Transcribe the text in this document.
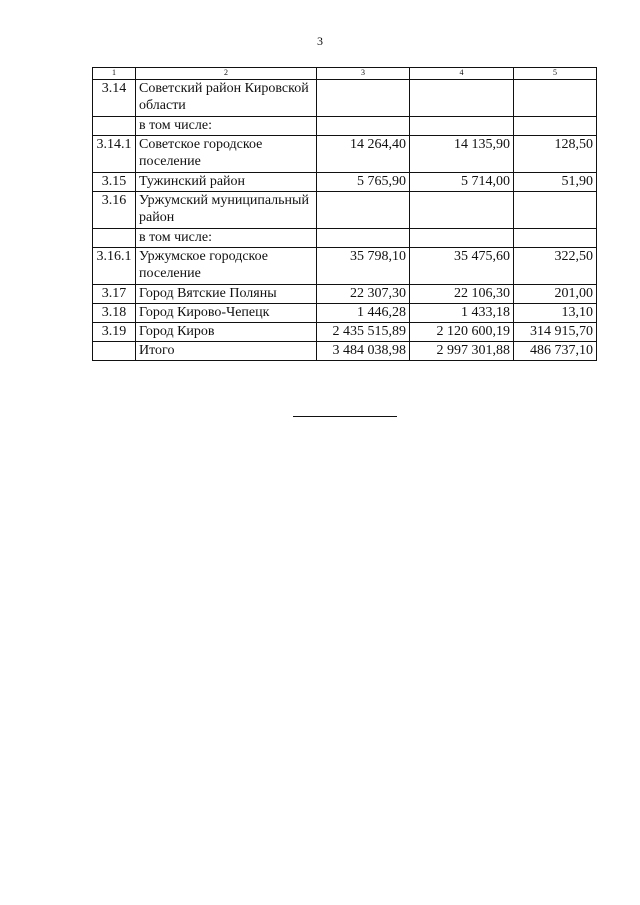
3
1	2	3	4	5
3.14	Советский район Кировской области			
	в том числе:			
3.14.1	Советское городское поселение	14 264,40	14 135,90	128,50
3.15	Тужинский район	5 765,90	5 714,00	51,90
3.16	Уржумский муниципальный район			
	в том числе:			
3.16.1	Уржумское городское поселение	35 798,10	35 475,60	322,50
3.17	Город Вятские Поляны	22 307,30	22 106,30	201,00
3.18	Город Кирово-Чепецк	1 446,28	1 433,18	13,10
3.19	Город Киров	2 435 515,89	2 120 600,19	314 915,70
	Итого	3 484 038,98	2 997 301,88	486 737,10
